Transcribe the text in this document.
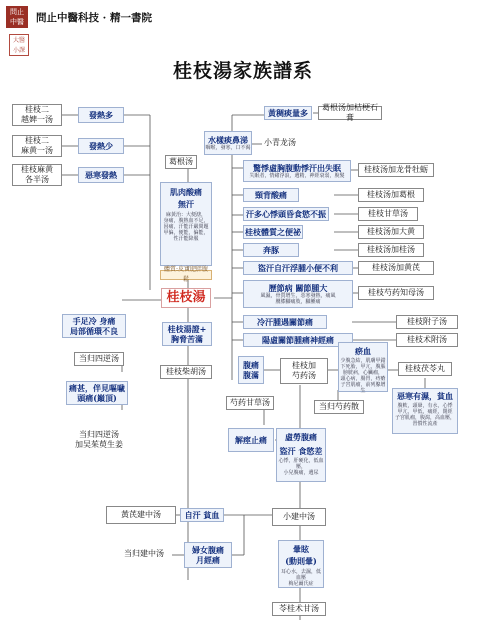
問止
中醫
大醫
小課
問止中醫科技 · 精一書院
桂枝湯家族譜系
桂枝二
越婢一汤
桂枝二
麻黄一汤
桂枝麻黄
各半汤
發熱多
發熱少
惡寒發熱
葛根汤
肌肉酸痛
無汗
麻黃治：大便溏，
身痛，腹熱血不足，
因痛，汗能汗嚴問題
甲偏，便能，偏能，
性汗能降服
體質:皮實肥胖腹鬆
桂枝湯
手足冷 身痛
局部循環不良
当归四逆汤
痛甚，伴見嘔噦
頭痛(巔頂)
当归四逆汤
加吴茱萸生姜
桂枝湯證+
胸脅苦滿
桂枝柴胡汤
黃稠痰量多
葛根汤加桔梗石膏
水樣痰鼻涕
咽喉，發寒，口不渴
小青龙汤
驚悸虛胸腹動悸汗出失眠
失眠者，情緒浮浪，遺精，神經衰弱，脫髮
桂枝汤加龙骨牡蛎
頸背酸痛	桂枝汤加葛根
汗多心悸頭昏食慾不振	桂枝甘草汤
桂枝體質之便祕	桂枝汤加大黄
奔豚	桂枝汤加桂汤
盜汗自汗浮腫小便不利	桂枝汤加黄芪
歷節病 關節腫大
風濕，骨質增生，惡寒發熱，痛風
腰膝腳痛肢，腳腫痛
桂枝芍药知母汤
冷汗腫遇關節痛	桂枝附子汤
陽虛關節腫痛神經痛	桂枝术附汤
腹痛
腹滿
桂枝加
芍药汤
瘀血
少腹急結，肌膚甲錯
下死胎，甲亢，腹脹
膀胱病，心臟瘤，
頭心病，腸胃，痔瘡
子宮肌瘤，前列腺增生
桂枝茯苓丸
当归芍药散
惡寒有濕，貧血
腹軟，頭暈，有水，心悸
甲亢，甲低，痛經，閉經
子宮肌瘤，腹瀉，高血壓，
習慣性流產
芍药甘草汤
解痙止痛	虛勞腹痛
盜汗 食慾差
心悸，肝硬化，低血壓，
小兒腹痛，遺尿
黃芪建中汤	自汗 貧血	小建中汤
当归建中汤	婦女腹痛
月經痛
暈眩
(動則暈)
耳心水，去濕，低血壓
梅尼爾氏症
苓桂术甘汤
